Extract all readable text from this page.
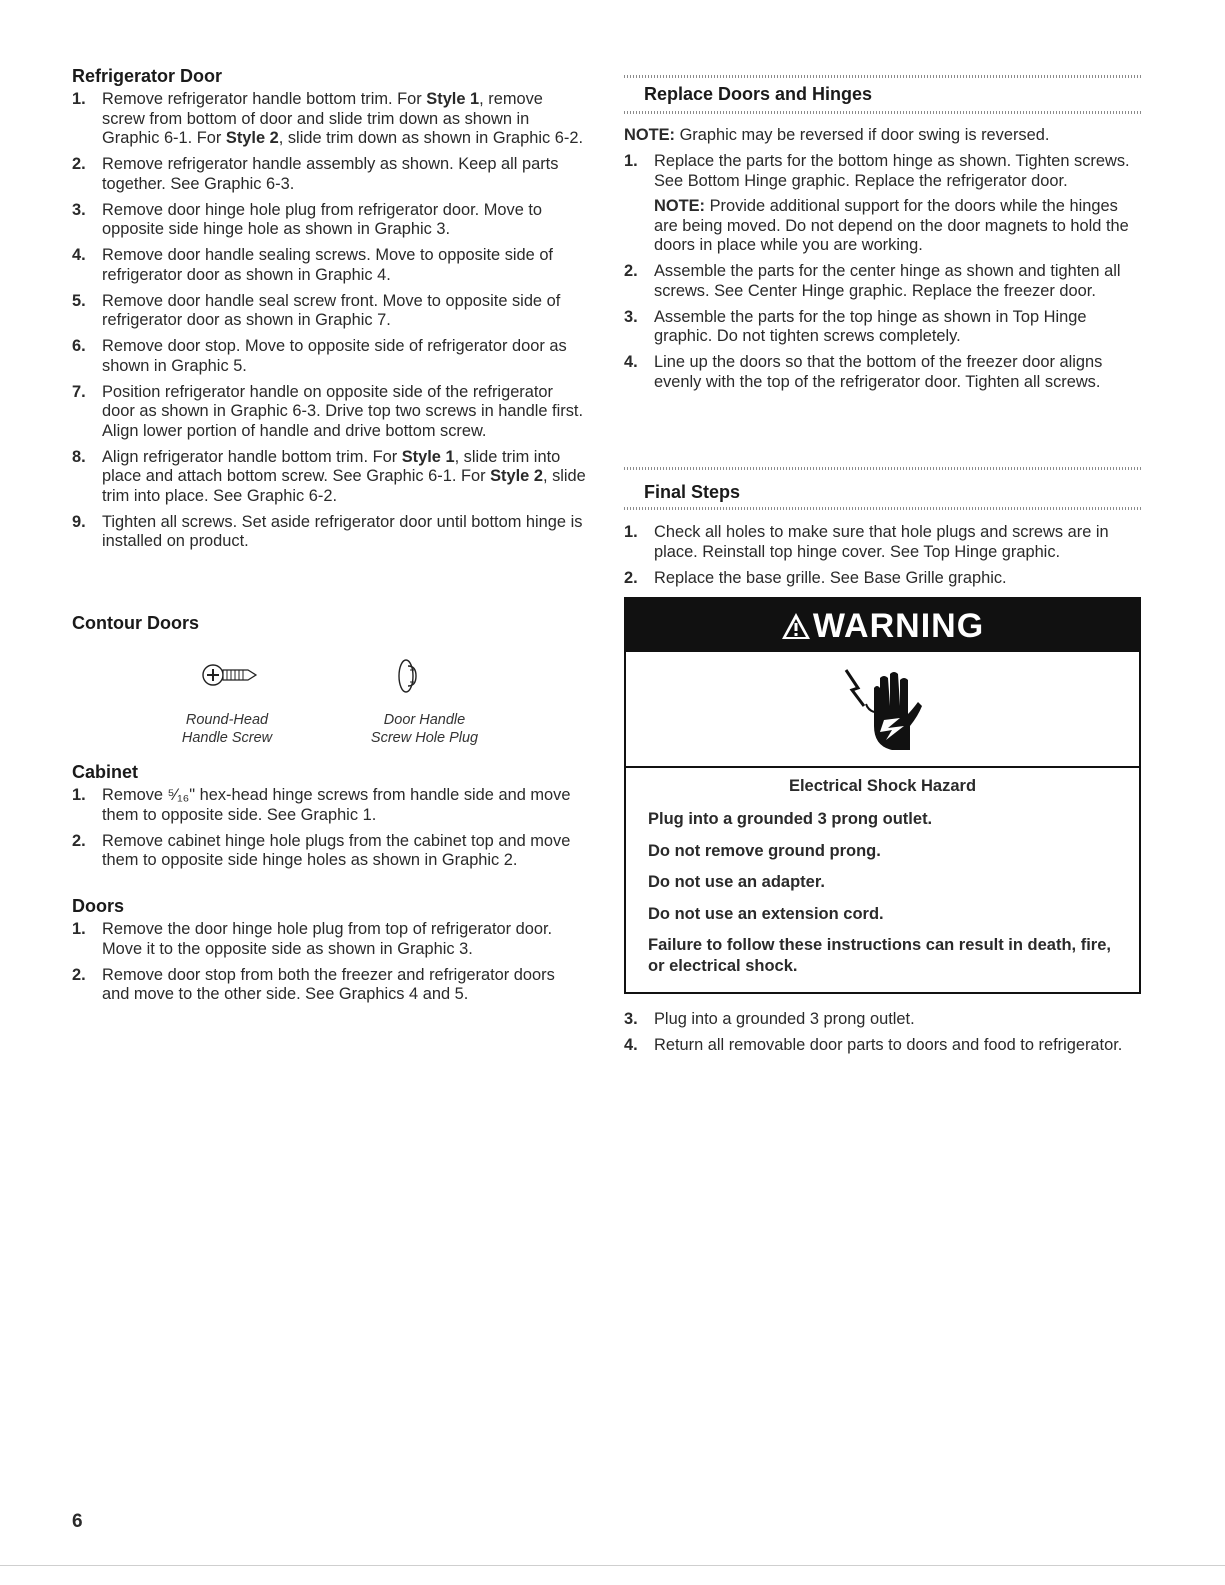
Refrigerator Door
1. Remove refrigerator handle bottom trim. For Style 1, remove screw from bottom of door and slide trim down as shown in Graphic 6-1. For Style 2, slide trim down as shown in Graphic 6-2.
2. Remove refrigerator handle assembly as shown. Keep all parts together. See Graphic 6-3.
3. Remove door hinge hole plug from refrigerator door. Move to opposite side hinge hole as shown in Graphic 3.
4. Remove door handle sealing screws. Move to opposite side of refrigerator door as shown in Graphic 4.
5. Remove door handle seal screw front. Move to opposite side of refrigerator door as shown in Graphic 7.
6. Remove door stop. Move to opposite side of refrigerator door as shown in Graphic 5.
7. Position refrigerator handle on opposite side of the refrigerator door as shown in Graphic 6-3. Drive top two screws in handle first. Align lower portion of handle and drive bottom screw.
8. Align refrigerator handle bottom trim. For Style 1, slide trim into place and attach bottom screw. See Graphic 6-1. For Style 2, slide trim into place. See Graphic 6-2.
9. Tighten all screws. Set aside refrigerator door until bottom hinge is installed on product.
Contour Doors
Round-Head
Handle Screw
Door Handle
Screw Hole Plug
Cabinet
1. Remove ⁵⁄₁₆" hex-head hinge screws from handle side and move them to opposite side. See Graphic 1.
2. Remove cabinet hinge hole plugs from the cabinet top and move them to opposite side hinge holes as shown in Graphic 2.
Doors
1. Remove the door hinge hole plug from top of refrigerator door. Move it to the opposite side as shown in Graphic 3.
2. Remove door stop from both the freezer and refrigerator doors and move to the other side. See Graphics 4 and 5.
Replace Doors and Hinges
NOTE: Graphic may be reversed if door swing is reversed.
1. Replace the parts for the bottom hinge as shown. Tighten screws. See Bottom Hinge graphic. Replace the refrigerator door.
NOTE: Provide additional support for the doors while the hinges are being moved. Do not depend on the door magnets to hold the doors in place while you are working.
2. Assemble the parts for the center hinge as shown and tighten all screws. See Center Hinge graphic. Replace the freezer door.
3. Assemble the parts for the top hinge as shown in Top Hinge graphic. Do not tighten screws completely.
4. Line up the doors so that the bottom of the freezer door aligns evenly with the top of the refrigerator door. Tighten all screws.
Final Steps
1. Check all holes to make sure that hole plugs and screws are in place. Reinstall top hinge cover. See Top Hinge graphic.
2. Replace the base grille. See Base Grille graphic.
3. Plug into a grounded 3 prong outlet.
4. Return all removable door parts to doors and food to refrigerator.
WARNING
Electrical Shock Hazard
Plug into a grounded 3 prong outlet.
Do not remove ground prong.
Do not use an adapter.
Do not use an extension cord.
Failure to follow these instructions can result in death, fire, or electrical shock.
6
